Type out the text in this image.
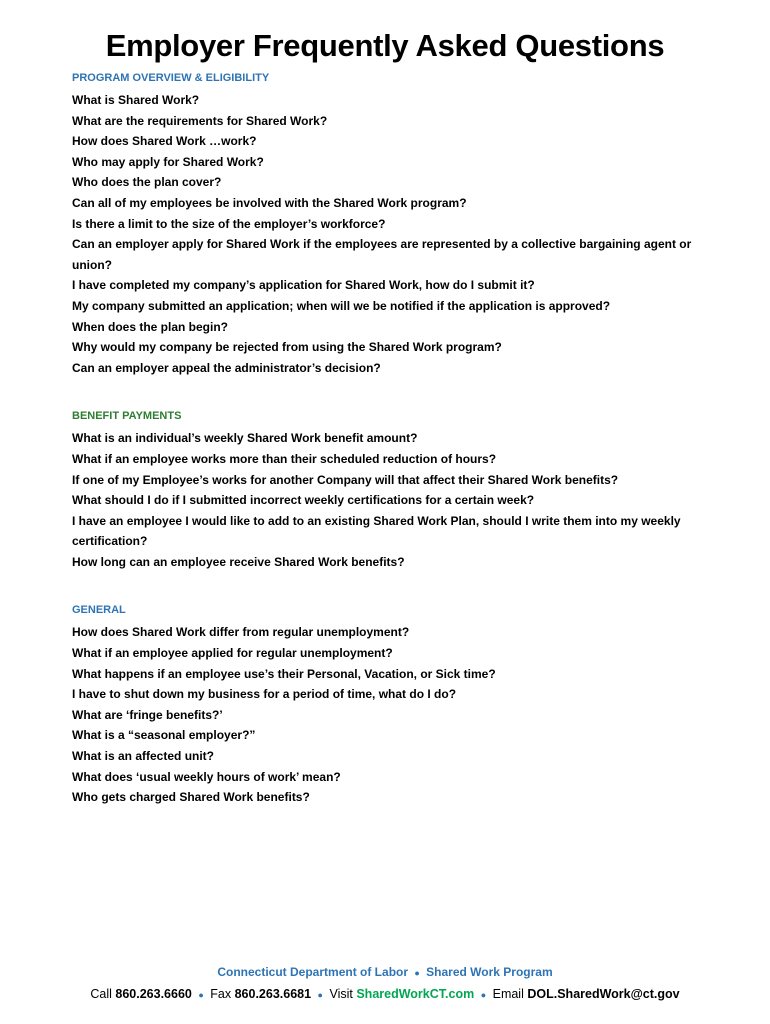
Employer Frequently Asked Questions
PROGRAM OVERVIEW & ELIGIBILITY
What is Shared Work?
What are the requirements for Shared Work?
How does Shared Work …work?
Who may apply for Shared Work?
Who does the plan cover?
Can all of my employees be involved with the Shared Work program?
Is there a limit to the size of the employer’s workforce?
Can an employer apply for Shared Work if the employees are represented by a collective bargaining agent or union?
I have completed my company’s application for Shared Work, how do I submit it?
My company submitted an application; when will we be notified if the application is approved?
When does the plan begin?
Why would my company be rejected from using the Shared Work program?
Can an employer appeal the administrator’s decision?
BENEFIT PAYMENTS
What is an individual’s weekly Shared Work benefit amount?
What if an employee works more than their scheduled reduction of hours?
If one of my Employee’s works for another Company will that affect their Shared Work benefits?
What should I do if I submitted incorrect weekly certifications for a certain week?
I have an employee I would like to add to an existing Shared Work Plan, should I write them into my weekly certification?
How long can an employee receive Shared Work benefits?
GENERAL
How does Shared Work differ from regular unemployment?
What if an employee applied for regular unemployment?
What happens if an employee use’s their Personal, Vacation, or Sick time?
I have to shut down my business for a period of time, what do I do?
What are ‘fringe benefits?’
What is a “seasonal employer?”
What is an affected unit?
What does ‘usual weekly hours of work’ mean?
Who gets charged Shared Work benefits?
Connecticut Department of Labor ● Shared Work Program
Call 860.263.6660 ● Fax 860.263.6681 ● Visit SharedWorkCT.com ● Email DOL.SharedWork@ct.gov
